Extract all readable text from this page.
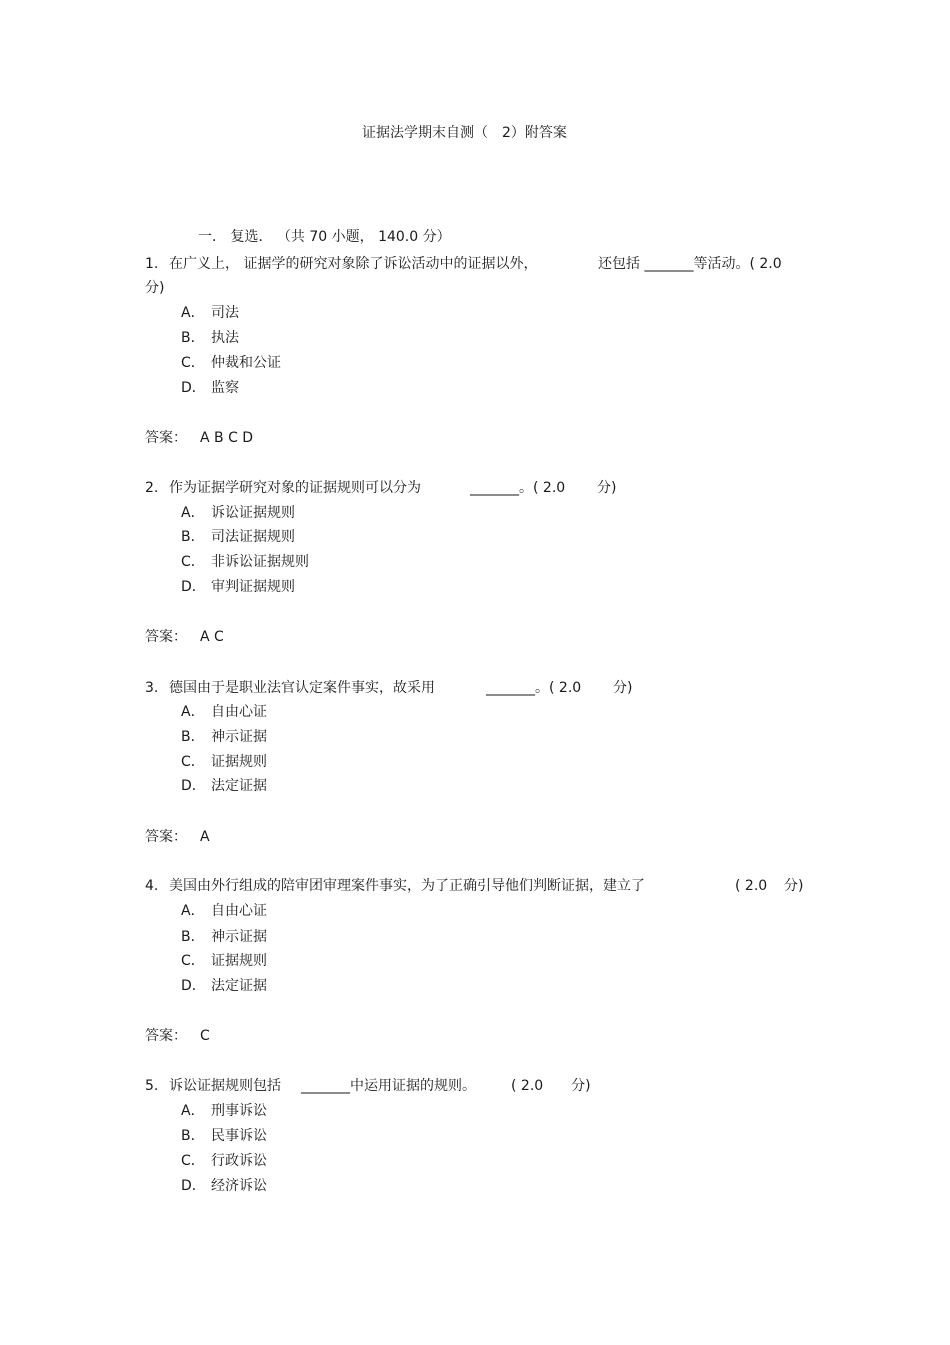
证据法学期末自测（　2）附答案
一． 复选． （共 70 小题， 140.0 分）
1. 在广义上， 证据学的研究对象除了诉讼活动中的证据以外，	还包括 _______等活动。( 2.0
分)
A． 司法
B． 执法
C． 仲裁和公证
D． 监察
答案： A B C D
2. 作为证据学研究对象的证据规则可以分为	_______。( 2.0 分)
A． 诉讼证据规则
B． 司法证据规则
C． 非诉讼证据规则
D． 审判证据规则
答案： A C
3. 德国由于是职业法官认定案件事实，故采用	_______。( 2.0 分)
A． 自由心证
B． 神示证据
C． 证据规则
D． 法定证据
答案： A
4. 美国由外行组成的陪审团审理案件事实，为了正确引导他们判断证据，建立了	( 2.0 分)
A． 自由心证
B． 神示证据
C． 证据规则
D． 法定证据
答案： C
5. 诉讼证据规则包括 _______中运用证据的规则。	( 2.0　　分)
A． 刑事诉讼
B． 民事诉讼
C． 行政诉讼
D． 经济诉讼
